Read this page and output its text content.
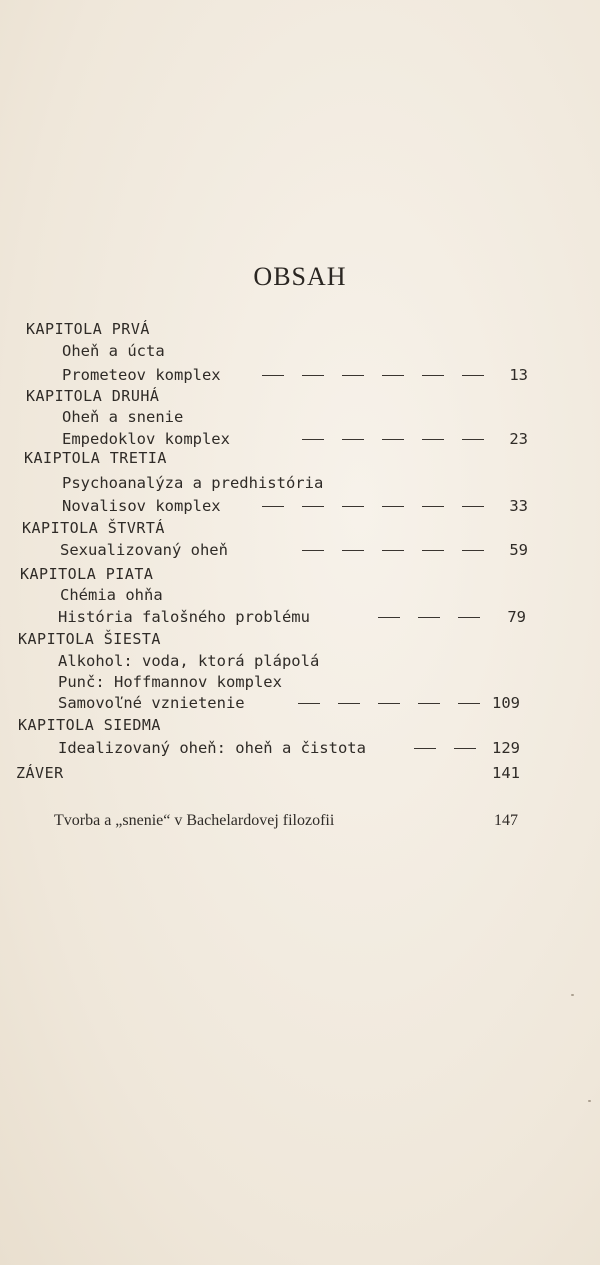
OBSAH
KAPITOLA PRVÁ
Oheň a úcta
Prometeov komplex	13
KAPITOLA DRUHÁ
Oheň a snenie
Empedoklov komplex	23
KAIPTOLA TRETIA
Psychoanalýza a predhistória
Novalisov komplex	33
KAPITOLA ŠTVRTÁ
Sexualizovaný oheň	59
KAPITOLA PIATA
Chémia ohňa
História falošného problému	79
KAPITOLA ŠIESTA
Alkohol: voda, ktorá plápolá
Punč: Hoffmannov komplex
Samovoľné vznietenie	109
KAPITOLA SIEDMA
Idealizovaný oheň: oheň a čistota	129
ZÁVER	141
Tvorba a „snenie“ v Bachelardovej filozofii	147
